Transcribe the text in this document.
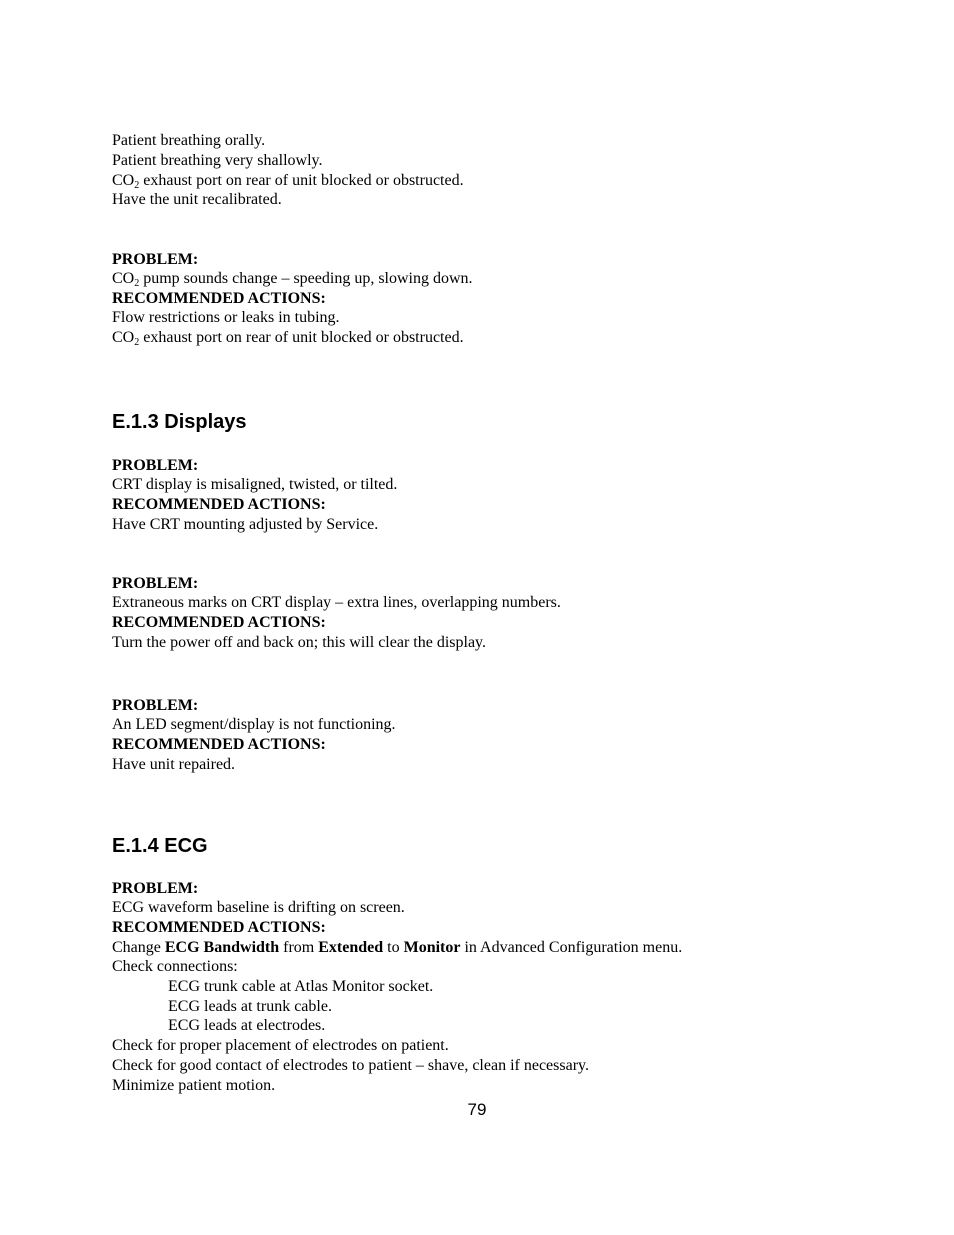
Patient breathing orally.

Patient breathing very shallowly.

$CO_2$ exhaust port on rear of unit blocked or obstructed.

Have the unit recalibrated.

PROBLEM:

$CO_2$ pump sounds change – speeding up, slowing down.

RECOMMENDED ACTIONS:

Flow restrictions or leaks in tubing.

$CO_2$ exhaust port on rear of unit blocked or obstructed.

E.1.3 Displays

PROBLEM:

CRT display is misaligned, twisted, or tilted.

RECOMMENDED ACTIONS:

Have CRT mounting adjusted by Service.

PROBLEM:

Extraneous marks on CRT display – extra lines, overlapping numbers.

RECOMMENDED ACTIONS:

Turn the power off and back on; this will clear the display.

PROBLEM:

An LED segment/display is not functioning.

RECOMMENDED ACTIONS:

Have unit repaired.

E.1.4 ECG

PROBLEM:

ECG waveform baseline is drifting on screen.

RECOMMENDED ACTIONS:

Change ECG Bandwidth from Extended to Monitor in Advanced Configuration menu.

Check connections:

ECG trunk cable at Atlas Monitor socket.

ECG leads at trunk cable.

ECG leads at electrodes.

Check for proper placement of electrodes on patient.

Check for good contact of electrodes to patient – shave, clean if necessary.

Minimize patient motion.

79
